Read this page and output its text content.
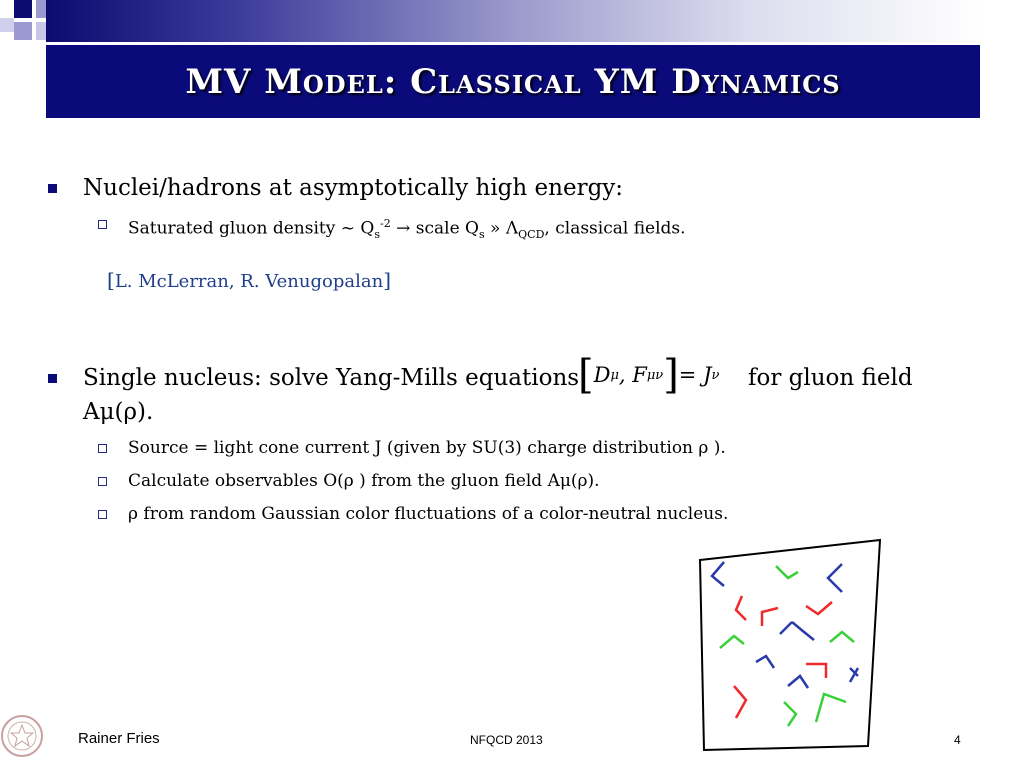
MV Model: Classical YM Dynamics
Nuclei/hadrons at asymptotically high energy:
Saturated gluon density ~ $Q_s^{-2}$ → scale $Q_s$ » $\Lambda_{QCD}$, classical fields.
[L. McLerran, R. Venugopalan]
Single nucleus: solve Yang-Mills equations
[ D μ , F μν ] = J ν for gluon field
Aμ(ρ).
Source = light cone current J (given by SU(3) charge distribution ρ ).
Calculate observables O(ρ ) from the gluon field Aμ(ρ).
ρ from random Gaussian color fluctuations of a color-neutral nucleus.
Rainer Fries	NFQCD 2013	4
